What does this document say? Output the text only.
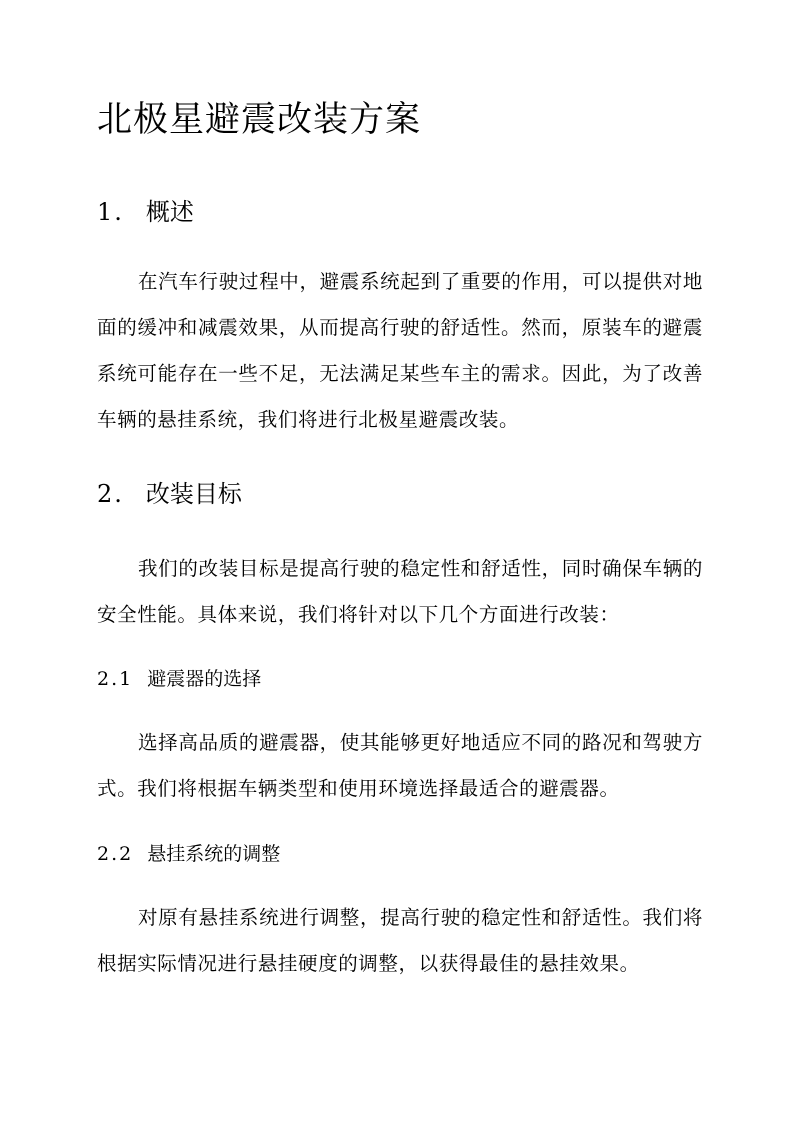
北极星避震改装方案
1. 概述

在汽车行驶过程中，避震系统起到了重要的作用，可以提供对地面的缓冲和减震效果，从而提高行驶的舒适性。然而，原装车的避震系统可能存在一些不足，无法满足某些车主的需求。因此，为了改善车辆的悬挂系统，我们将进行北极星避震改装。

2. 改装目标

我们的改装目标是提高行驶的稳定性和舒适性，同时确保车辆的安全性能。具体来说，我们将针对以下几个方面进行改装：

2.1 避震器的选择

选择高品质的避震器，使其能够更好地适应不同的路况和驾驶方式。我们将根据车辆类型和使用环境选择最适合的避震器。

2.2 悬挂系统的调整

对原有悬挂系统进行调整，提高行驶的稳定性和舒适性。我们将根据实际情况进行悬挂硬度的调整，以获得最佳的悬挂效果。
